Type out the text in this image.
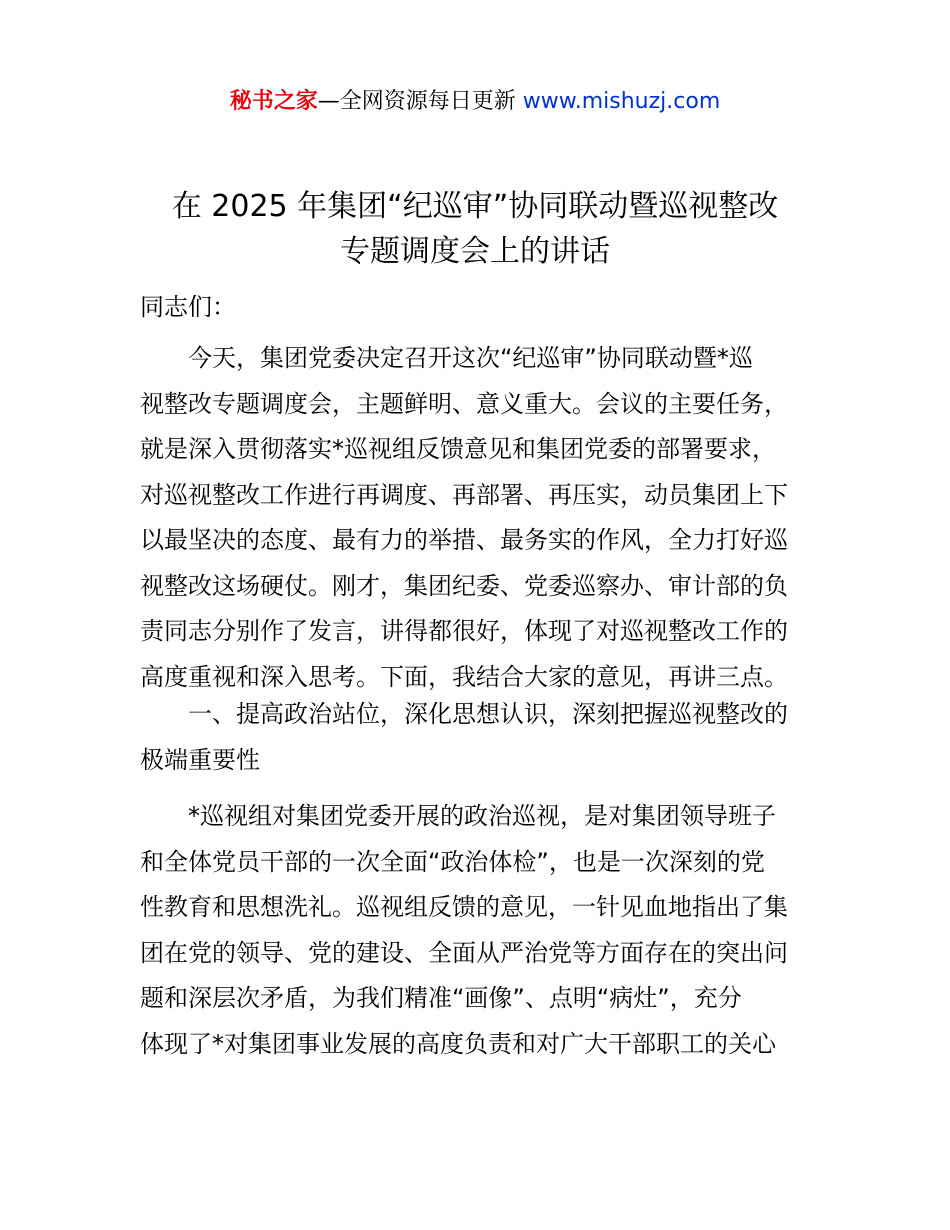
秘书之家—全网资源每日更新 www.mishuzj.com
在 2025 年集团“纪巡审”协同联动暨巡视整改
专题调度会上的讲话
同志们：
　　今天，集团党委决定召开这次“纪巡审”协同联动暨*巡
视整改专题调度会，主题鲜明、意义重大。会议的主要任务，
就是深入贯彻落实*巡视组反馈意见和集团党委的部署要求，
对巡视整改工作进行再调度、再部署、再压实，动员集团上下
以最坚决的态度、最有力的举措、最务实的作风，全力打好巡
视整改这场硬仗。刚才，集团纪委、党委巡察办、审计部的负
责同志分别作了发言，讲得都很好，体现了对巡视整改工作的
高度重视和深入思考。下面，我结合大家的意见，再讲三点。
　　一、提高政治站位，深化思想认识，深刻把握巡视整改的
极端重要性
　　*巡视组对集团党委开展的政治巡视，是对集团领导班子
和全体党员干部的一次全面“政治体检”，也是一次深刻的党
性教育和思想洗礼。巡视组反馈的意见，一针见血地指出了集
团在党的领导、党的建设、全面从严治党等方面存在的突出问
题和深层次矛盾，为我们精准“画像”、点明“病灶”，充分
体现了*对集团事业发展的高度负责和对广大干部职工的关心
